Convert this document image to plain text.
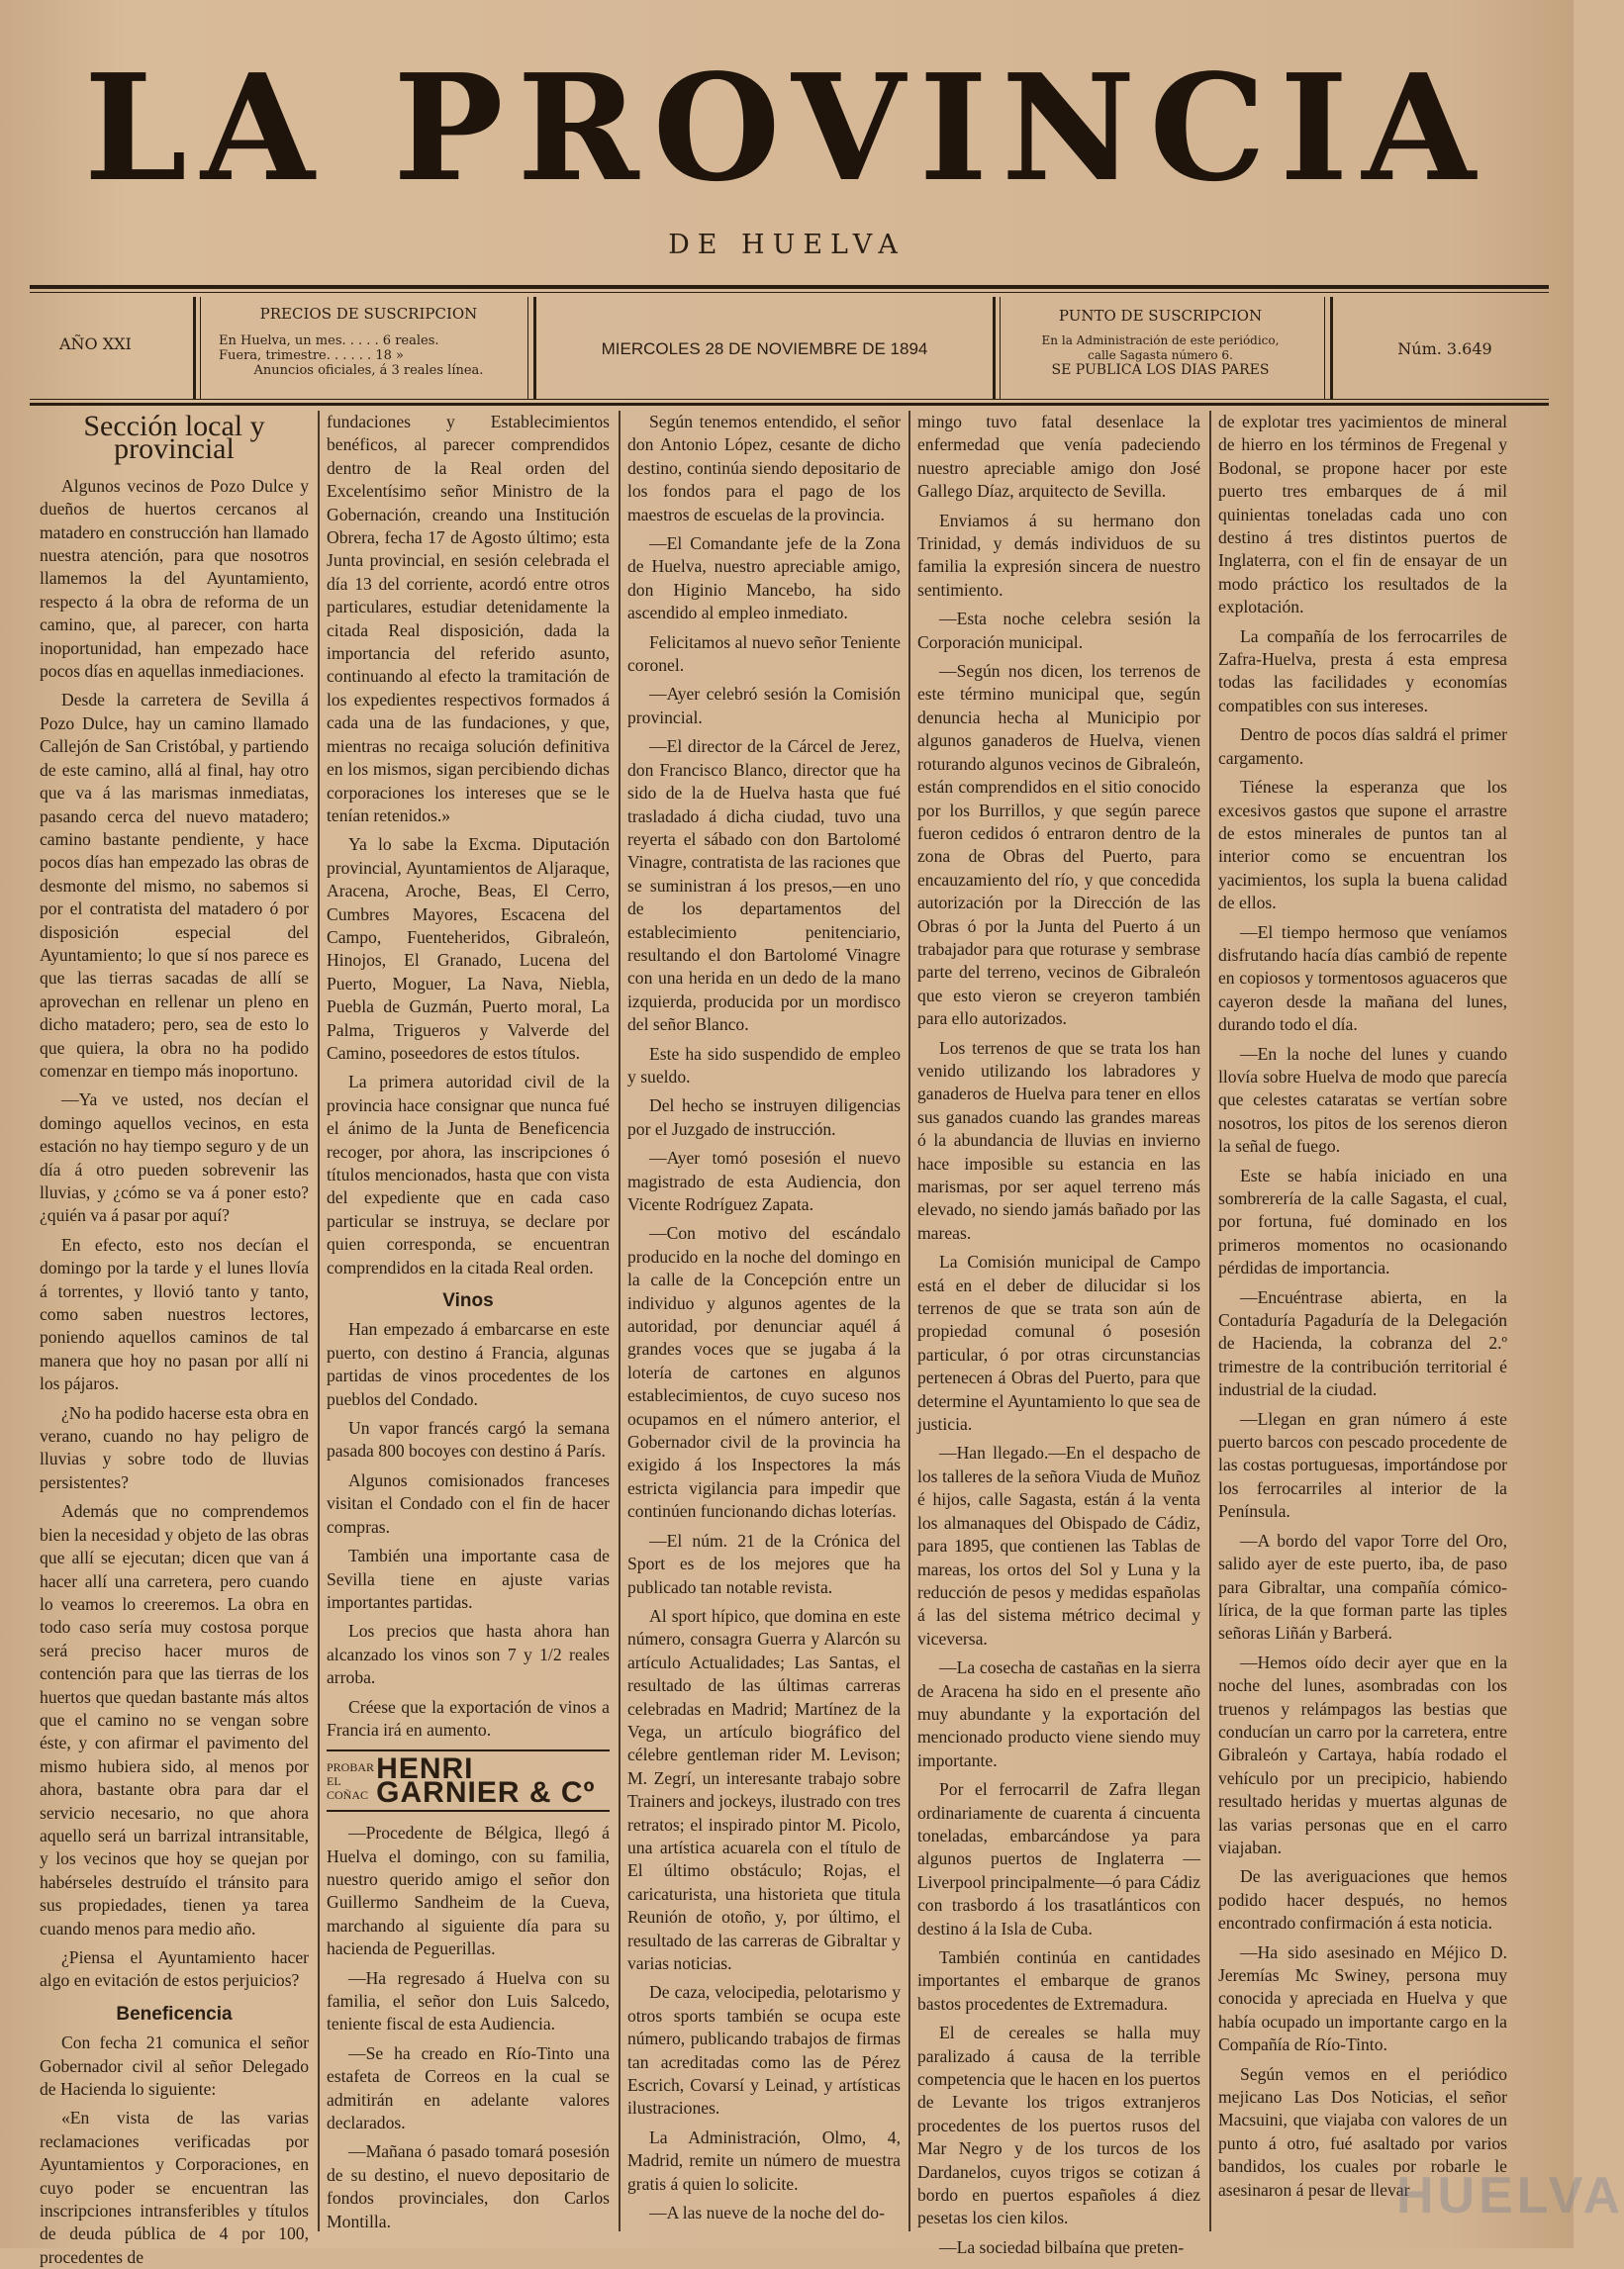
LA PROVINCIA
DE HUELVA
AÑO XXI
PRECIOS DE SUSCRIPCION
En Huelva, un mes. . . . . 6 reales.
Fuera, trimestre. . . . . . 18 »
Anuncios oficiales, á 3 reales línea.
MIERCOLES 28 DE NOVIEMBRE DE 1894
PUNTO DE SUSCRIPCION
En la Administración de este periódico,
calle Sagasta número 6.
SE PUBLICA LOS DIAS PARES
Núm. 3.649

Sección local y provincial

Algunos vecinos de Pozo Dulce y dueños de huertos cercanos al matadero en construcción han llamado nuestra atención, para que nosotros llamemos la del Ayuntamiento, respecto á la obra de reforma de un camino, que, al parecer, con harta inoportunidad, han empezado hace pocos días en aquellas inmediaciones.

Desde la carretera de Sevilla á Pozo Dulce, hay un camino llamado Callejón de San Cristóbal, y partiendo de este camino, allá al final, hay otro que va á las marismas inmediatas, pasando cerca del nuevo matadero; camino bastante pendiente, y hace pocos días han empezado las obras de desmonte del mismo, no sabemos si por el contratista del matadero ó por disposición especial del Ayuntamiento; lo que sí nos parece es que las tierras sacadas de allí se aprovechan en rellenar un pleno en dicho matadero; pero, sea de esto lo que quiera, la obra no ha podido comenzar en tiempo más inoportuno.

—Ya ve usted, nos decían el domingo aquellos vecinos, en esta estación no hay tiempo seguro y de un día á otro pueden sobrevenir las lluvias, y ¿cómo se va á poner esto? ¿quién va á pasar por aquí?

En efecto, esto nos decían el domingo por la tarde y el lunes llovía á torrentes, y llovió tanto y tanto, como saben nuestros lectores, poniendo aquellos caminos de tal manera que hoy no pasan por allí ni los pájaros.

¿No ha podido hacerse esta obra en verano, cuando no hay peligro de lluvias y sobre todo de lluvias persistentes?

Además que no comprendemos bien la necesidad y objeto de las obras que allí se ejecutan; dicen que van á hacer allí una carretera, pero cuando lo veamos lo creeremos. La obra en todo caso sería muy costosa porque será preciso hacer muros de contención para que las tierras de los huertos que quedan bastante más altos que el camino no se vengan sobre éste, y con afirmar el pavimento del mismo hubiera sido, al menos por ahora, bastante obra para dar el servicio necesario, no que ahora aquello será un barrizal intransitable, y los vecinos que hoy se quejan por habérseles destruído el tránsito para sus propiedades, tienen ya tarea cuando menos para medio año.

¿Piensa el Ayuntamiento hacer algo en evitación de estos perjuicios?

Beneficencia

Con fecha 21 comunica el señor Gobernador civil al señor Delegado de Hacienda lo siguiente:

«En vista de las varias reclamaciones verificadas por Ayuntamientos y Corporaciones, en cuyo poder se encuentran las inscripciones intransferibles y títulos de deuda pública de 4 por 100, procedentes de

fundaciones y Establecimientos benéficos, al parecer comprendidos dentro de la Real orden del Excelentísimo señor Ministro de la Gobernación, creando una Institución Obrera, fecha 17 de Agosto último; esta Junta provincial, en sesión celebrada el día 13 del corriente, acordó entre otros particulares, estudiar detenidamente la citada Real disposición, dada la importancia del referido asunto, continuando al efecto la tramitación de los expedientes respectivos formados á cada una de las fundaciones, y que, mientras no recaiga solución definitiva en los mismos, sigan percibiendo dichas corporaciones los intereses que se le tenían retenidos.»

Ya lo sabe la Excma. Diputación provincial, Ayuntamientos de Aljaraque, Aracena, Aroche, Beas, El Cerro, Cumbres Mayores, Escacena del Campo, Fuenteheridos, Gibraleón, Hinojos, El Granado, Lucena del Puerto, Moguer, La Nava, Niebla, Puebla de Guzmán, Puerto moral, La Palma, Trigueros y Valverde del Camino, poseedores de estos títulos.

La primera autoridad civil de la provincia hace consignar que nunca fué el ánimo de la Junta de Beneficencia recoger, por ahora, las inscripciones ó títulos mencionados, hasta que con vista del expediente que en cada caso particular se instruya, se declare por quien corresponda, se encuentran comprendidos en la citada Real orden.

Vinos

Han empezado á embarcarse en este puerto, con destino á Francia, algunas partidas de vinos procedentes de los pueblos del Condado.

Un vapor francés cargó la semana pasada 800 bocoyes con destino á París.

Algunos comisionados franceses visitan el Condado con el fin de hacer compras.

También una importante casa de Sevilla tiene en ajuste varias importantes partidas.

Los precios que hasta ahora han alcanzado los vinos son 7 y 1/2 reales arroba.

Créese que la exportación de vinos a Francia irá en aumento.

PROBAR EL COÑAC
HENRI GARNIER & Cº

—Procedente de Bélgica, llegó á Huelva el domingo, con su familia, nuestro querido amigo el señor don Guillermo Sandheim de la Cueva, marchando al siguiente día para su hacienda de Peguerillas.

—Ha regresado á Huelva con su familia, el señor don Luis Salcedo, teniente fiscal de esta Audiencia.

—Se ha creado en Río-Tinto una estafeta de Correos en la cual se admitirán en adelante valores declarados.

—Mañana ó pasado tomará posesión de su destino, el nuevo depositario de fondos provinciales, don Carlos Montilla.

Según tenemos entendido, el señor don Antonio López, cesante de dicho destino, continúa siendo depositario de los fondos para el pago de los maestros de escuelas de la provincia.

—El Comandante jefe de la Zona de Huelva, nuestro apreciable amigo, don Higinio Mancebo, ha sido ascendido al empleo inmediato.

Felicitamos al nuevo señor Teniente coronel.

—Ayer celebró sesión la Comisión provincial.

—El director de la Cárcel de Jerez, don Francisco Blanco, director que ha sido de la de Huelva hasta que fué trasladado á dicha ciudad, tuvo una reyerta el sábado con don Bartolomé Vinagre, contratista de las raciones que se suministran á los presos,—en uno de los departamentos del establecimiento penitenciario, resultando el don Bartolomé Vinagre con una herida en un dedo de la mano izquierda, producida por un mordisco del señor Blanco.

Este ha sido suspendido de empleo y sueldo.

Del hecho se instruyen diligencias por el Juzgado de instrucción.

—Ayer tomó posesión el nuevo magistrado de esta Audiencia, don Vicente Rodríguez Zapata.

—Con motivo del escándalo producido en la noche del domingo en la calle de la Concepción entre un individuo y algunos agentes de la autoridad, por denunciar aquél á grandes voces que se jugaba á la lotería de cartones en algunos establecimientos, de cuyo suceso nos ocupamos en el número anterior, el Gobernador civil de la provincia ha exigido á los Inspectores la más estricta vigilancia para impedir que continúen funcionando dichas loterías.

—El núm. 21 de la Crónica del Sport es de los mejores que ha publicado tan notable revista.

Al sport hípico, que domina en este número, consagra Guerra y Alarcón su artículo Actualidades; Las Santas, el resultado de las últimas carreras celebradas en Madrid; Martínez de la Vega, un artículo biográfico del célebre gentleman rider M. Levison; M. Zegrí, un interesante trabajo sobre Trainers and jockeys, ilustrado con tres retratos; el inspirado pintor M. Picolo, una artística acuarela con el título de El último obstáculo; Rojas, el caricaturista, una historieta que titula Reunión de otoño, y, por último, el resultado de las carreras de Gibraltar y varias noticias.

De caza, velocipedia, pelotarismo y otros sports también se ocupa este número, publicando trabajos de firmas tan acreditadas como las de Pérez Escrich, Covarsí y Leinad, y artísticas ilustraciones.

La Administración, Olmo, 4, Madrid, remite un número de muestra gratis á quien lo solicite.

—A las nueve de la noche del do-

mingo tuvo fatal desenlace la enfermedad que venía padeciendo nuestro apreciable amigo don José Gallego Díaz, arquitecto de Sevilla.

Enviamos á su hermano don Trinidad, y demás individuos de su familia la expresión sincera de nuestro sentimiento.

—Esta noche celebra sesión la Corporación municipal.

—Según nos dicen, los terrenos de este término municipal que, según denuncia hecha al Municipio por algunos ganaderos de Huelva, vienen roturando algunos vecinos de Gibraleón, están comprendidos en el sitio conocido por los Burrillos, y que según parece fueron cedidos ó entraron dentro de la zona de Obras del Puerto, para encauzamiento del río, y que concedida autorización por la Dirección de las Obras ó por la Junta del Puerto á un trabajador para que roturase y sembrase parte del terreno, vecinos de Gibraleón que esto vieron se creyeron también para ello autorizados.

Los terrenos de que se trata los han venido utilizando los labradores y ganaderos de Huelva para tener en ellos sus ganados cuando las grandes mareas ó la abundancia de lluvias en invierno hace imposible su estancia en las marismas, por ser aquel terreno más elevado, no siendo jamás bañado por las mareas.

La Comisión municipal de Campo está en el deber de dilucidar si los terrenos de que se trata son aún de propiedad comunal ó posesión particular, ó por otras circunstancias pertenecen á Obras del Puerto, para que determine el Ayuntamiento lo que sea de justicia.

—Han llegado.—En el despacho de los talleres de la señora Viuda de Muñoz é hijos, calle Sagasta, están á la venta los almanaques del Obispado de Cádiz, para 1895, que contienen las Tablas de mareas, los ortos del Sol y Luna y la reducción de pesos y medidas españolas á las del sistema métrico decimal y viceversa.

—La cosecha de castañas en la sierra de Aracena ha sido en el presente año muy abundante y la exportación del mencionado producto viene siendo muy importante.

Por el ferrocarril de Zafra llegan ordinariamente de cuarenta á cincuenta toneladas, embarcándose ya para algunos puertos de Inglaterra —Liverpool principalmente—ó para Cádiz con trasbordo á los trasatlánticos con destino á la Isla de Cuba.

También continúa en cantidades importantes el embarque de granos bastos procedentes de Extremadura.

El de cereales se halla muy paralizado á causa de la terrible competencia que le hacen en los puertos de Levante los trigos extranjeros procedentes de los puertos rusos del Mar Negro y de los turcos de los Dardanelos, cuyos trigos se cotizan á bordo en puertos españoles á diez pesetas los cien kilos.

—La sociedad bilbaína que preten-

de explotar tres yacimientos de mineral de hierro en los términos de Fregenal y Bodonal, se propone hacer por este puerto tres embarques de á mil quinientas toneladas cada uno con destino á tres distintos puertos de Inglaterra, con el fin de ensayar de un modo práctico los resultados de la explotación.

La compañía de los ferrocarriles de Zafra-Huelva, presta á esta empresa todas las facilidades y economías compatibles con sus intereses.

Dentro de pocos días saldrá el primer cargamento.

Tiénese la esperanza que los excesivos gastos que supone el arrastre de estos minerales de puntos tan al interior como se encuentran los yacimientos, los supla la buena calidad de ellos.

—El tiempo hermoso que veníamos disfrutando hacía días cambió de repente en copiosos y tormentosos aguaceros que cayeron desde la mañana del lunes, durando todo el día.

—En la noche del lunes y cuando llovía sobre Huelva de modo que parecía que celestes cataratas se vertían sobre nosotros, los pitos de los serenos dieron la señal de fuego.

Este se había iniciado en una sombrerería de la calle Sagasta, el cual, por fortuna, fué dominado en los primeros momentos no ocasionando pérdidas de importancia.

—Encuéntrase abierta, en la Contaduría Pagaduría de la Delegación de Hacienda, la cobranza del 2.º trimestre de la contribución territorial é industrial de la ciudad.

—Llegan en gran número á este puerto barcos con pescado procedente de las costas portuguesas, importándose por los ferrocarriles al interior de la Península.

—A bordo del vapor Torre del Oro, salido ayer de este puerto, iba, de paso para Gibraltar, una compañía cómico-lírica, de la que forman parte las tiples señoras Liñán y Barberá.

—Hemos oído decir ayer que en la noche del lunes, asombradas con los truenos y relámpagos las bestias que conducían un carro por la carretera, entre Gibraleón y Cartaya, había rodado el vehículo por un precipicio, habiendo resultado heridas y muertas algunas de las varias personas que en el carro viajaban.

De las averiguaciones que hemos podido hacer después, no hemos encontrado confirmación á esta noticia.

—Ha sido asesinado en Méjico D. Jeremías Mc Swiney, persona muy conocida y apreciada en Huelva y que había ocupado un importante cargo en la Compañía de Río-Tinto.

Según vemos en el periódico mejicano Las Dos Noticias, el señor Macsuini, que viajaba con valores de un punto á otro, fué asaltado por varios bandidos, los cuales por robarle le asesinaron á pesar de llevar

HUELVA
